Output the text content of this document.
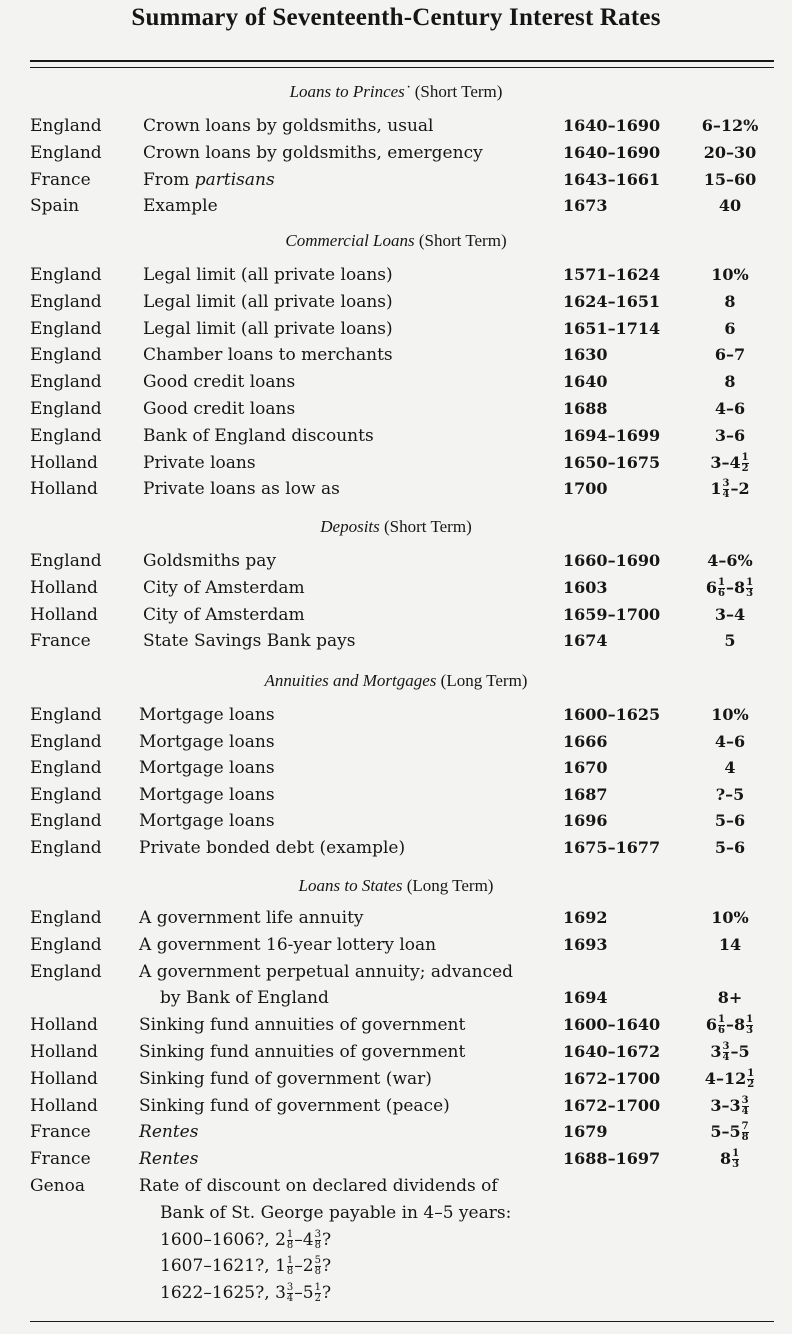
Summary of Seventeenth-Century Interest Rates
Loans to Princes˙ (Short Term)
England Crown loans by goldsmiths, usual	1640–1690	6–12%
England Crown loans by goldsmiths, emergency	1640–1690	20–30
France	From partisans	1643–1661	15–60
Spain	Example	1673	40
Commercial Loans (Short Term)
England Legal limit (all private loans)	1571–1624	10%
England Legal limit (all private loans)	1624–1651	8
England Legal limit (all private loans)	1651–1714	6
England Chamber loans to merchants	1630	6–7
England Good credit loans	1640	8
England Good credit loans	1688	4–6
England Bank of England discounts	1694–1699	3–6
Holland	Private loans	1650–1675	$3-4 \frac{1}{2}$
Holland	Private loans as low as	1700	$1 \frac{3}{4} -2$
Deposits (Short Term)
England Goldsmiths pay	1660–1690	4–6%
Holland	City of Amsterdam	1603	$6 \frac{1}{6} -8 \frac{1}{3}$
Holland	City of Amsterdam	1659–1700	3–4
France	State Savings Bank pays	1674	5
Annuities and Mortgages (Long Term)
England Mortgage loans	1600–1625	10%
England Mortgage loans	1666	4–6
England Mortgage loans	1670	4
England Mortgage loans	1687	?–5
England Mortgage loans	1696	5–6
England Private bonded debt (example)	1675–1677	5–6
Loans to States (Long Term)
England A government life annuity	1692	10%
England A government 16-year lottery loan	1693	14
England A government perpetual annuity; advanced
by Bank of England	1694	8+
Holland Sinking fund annuities of government	1600–1640	$6 \frac{1}{6} -8 \frac{1}{3}$
Holland Sinking fund annuities of government	1640–1672	$3 \frac{3}{4} -5$
Holland Sinking fund of government (war)	1672–1700	$4-12 \frac{1}{2}$
Holland Sinking fund of government (peace)	1672–1700	$3-3 \frac{3}{4}$
France	Rentes	1679	$5-5 \frac{7}{8}$
France	Rentes	1688–1697	$8 \frac{1}{3}$
Genoa	Rate of discount on declared dividends of
Bank of St. George payable in 4–5 years:
1600–1606?, $2 \frac{1}{8} -4 \frac{3}{8}$ ?
1607–1621?, $1 \frac{1}{8} -2 \frac{5}{8}$ ?
1622–1625?, $3 \frac{3}{4} -5 \frac{1}{2}$ ?
